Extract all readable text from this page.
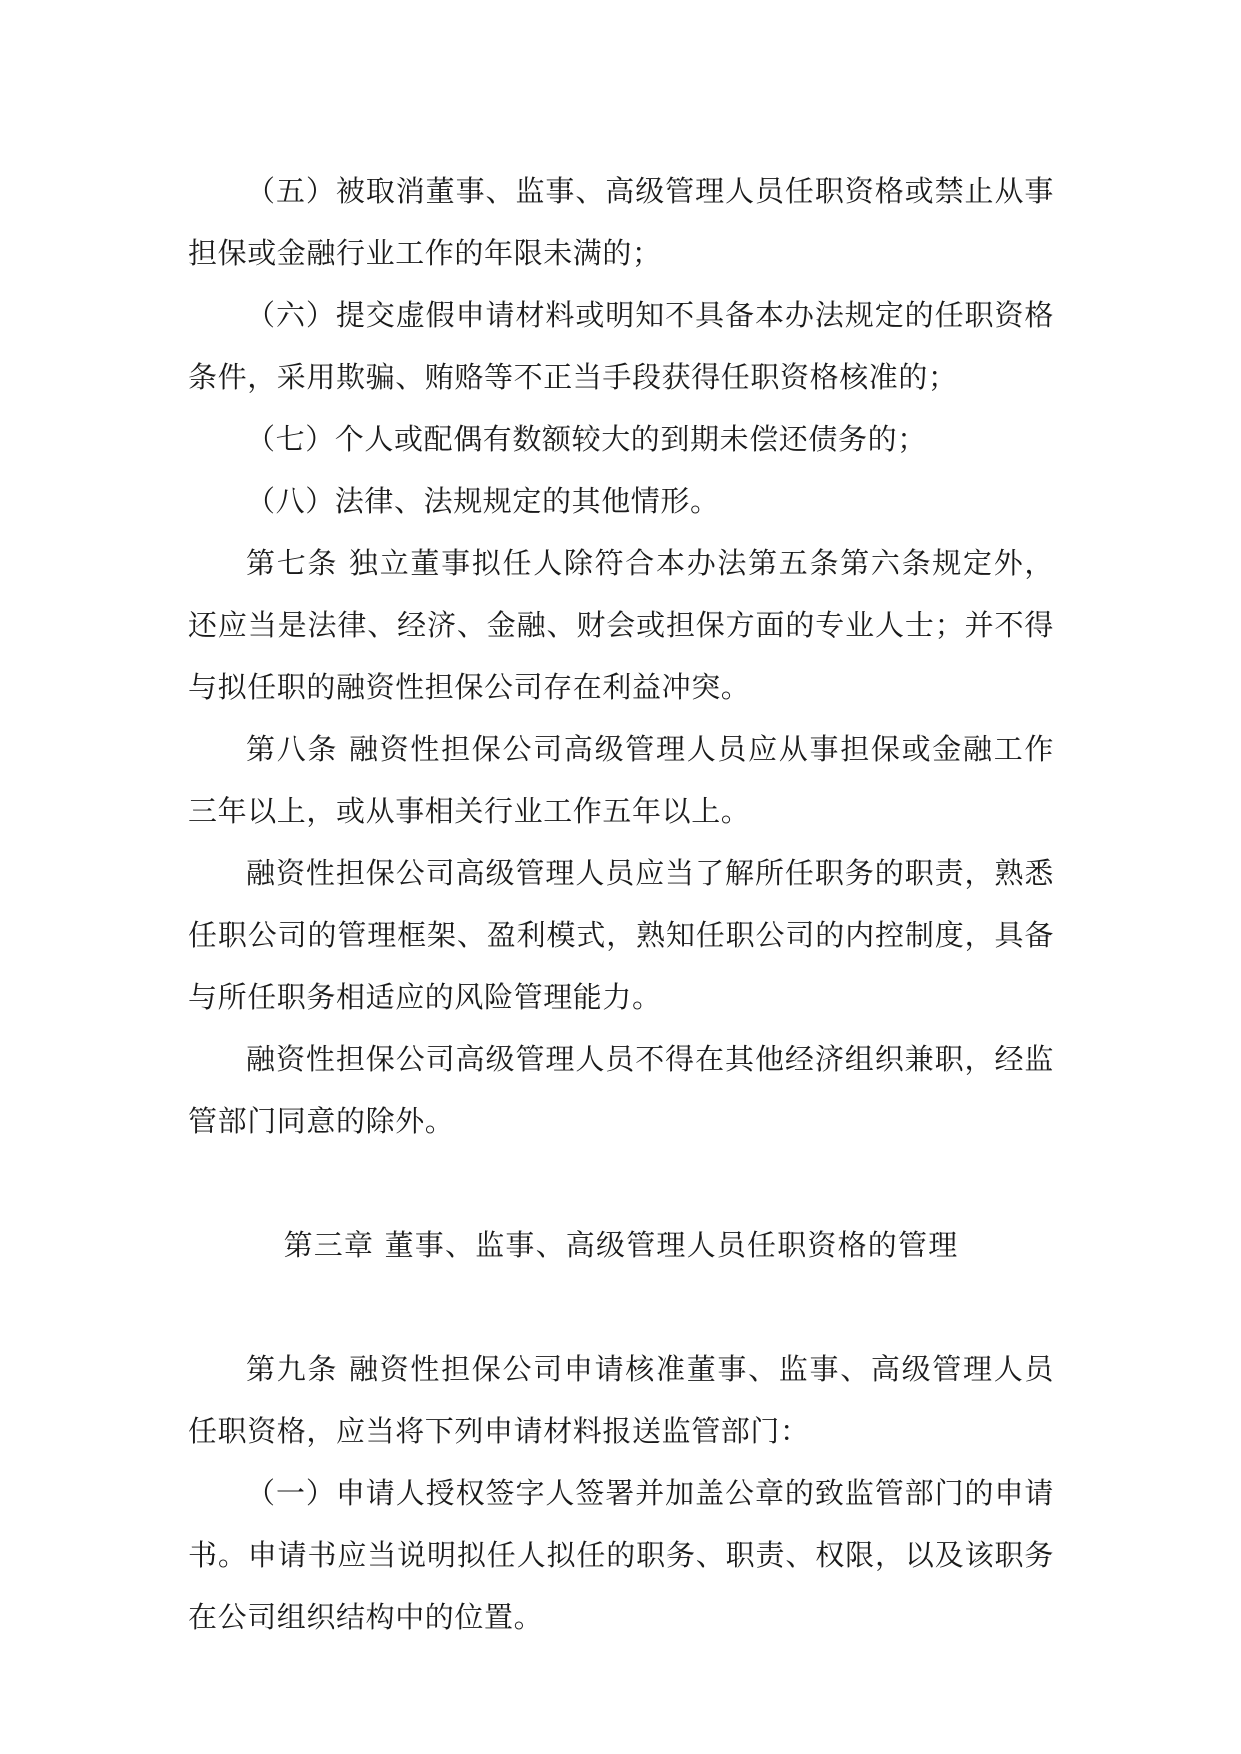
（五）被取消董事、监事、高级管理人员任职资格或禁止从事担保或金融行业工作的年限未满的；

（六）提交虚假申请材料或明知不具备本办法规定的任职资格条件，采用欺骗、贿赂等不正当手段获得任职资格核准的；

（七）个人或配偶有数额较大的到期未偿还债务的；

（八）法律、法规规定的其他情形。

第七条 独立董事拟任人除符合本办法第五条第六条规定外，还应当是法律、经济、金融、财会或担保方面的专业人士；并不得与拟任职的融资性担保公司存在利益冲突。

第八条 融资性担保公司高级管理人员应从事担保或金融工作三年以上，或从事相关行业工作五年以上。

融资性担保公司高级管理人员应当了解所任职务的职责，熟悉任职公司的管理框架、盈利模式，熟知任职公司的内控制度，具备与所任职务相适应的风险管理能力。

融资性担保公司高级管理人员不得在其他经济组织兼职，经监管部门同意的除外。

第三章 董事、监事、高级管理人员任职资格的管理

第九条 融资性担保公司申请核准董事、监事、高级管理人员任职资格，应当将下列申请材料报送监管部门：

（一）申请人授权签字人签署并加盖公章的致监管部门的申请书。申请书应当说明拟任人拟任的职务、职责、权限，以及该职务在公司组织结构中的位置。
